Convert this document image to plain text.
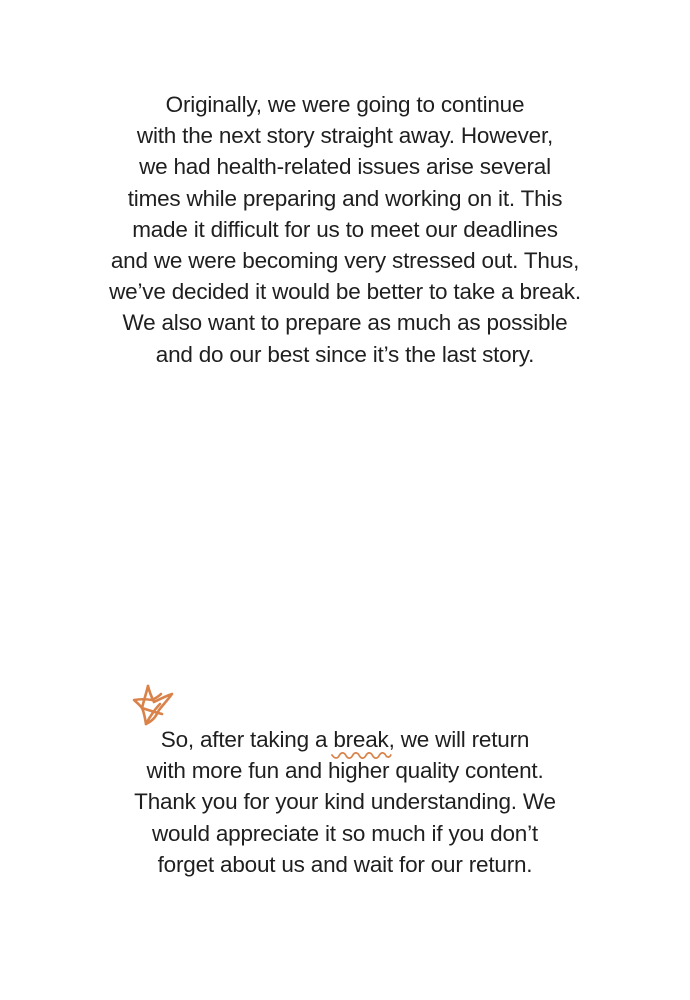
Originally, we were going to continue
with the next story straight away. However,
we had health-related issues arise several
times while preparing and working on it. This
made it difficult for us to meet our deadlines
and we were becoming very stressed out. Thus,
we’ve decided it would be better to take a break.
We also want to prepare as much as possible
and do our best since it’s the last story.
So, after taking a break
, we will return
with more fun and higher quality content.
Thank you for your kind understanding. We
would appreciate it so much if you don’t
forget about us and wait for our return.
